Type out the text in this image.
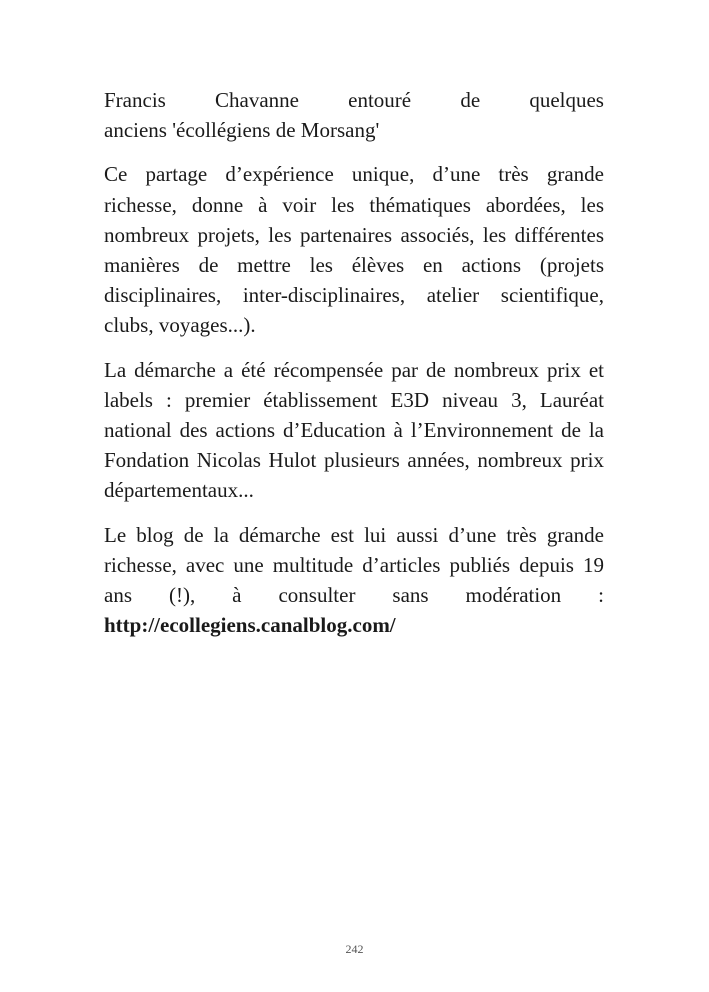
Francis Chavanne entouré de quelques
anciens 'écollégiens de Morsang'

Ce partage d’expérience unique, d’une très grande richesse, donne à voir les thématiques abordées, les nombreux projets, les partenaires associés, les différentes manières de mettre les élèves en actions (projets disciplinaires, inter-disciplinaires, atelier scientifique, clubs, voyages...).

La démarche a été récompensée par de nombreux prix et labels : premier établissement E3D niveau 3, Lauréat national des actions d’Education à l’Environnement de la Fondation Nicolas Hulot plusieurs années, nombreux prix départementaux...

Le blog de la démarche est lui aussi d’une très grande richesse, avec une multitude d’articles publiés depuis 19 ans (!), à consulter sans modération : http://ecollegiens.canalblog.com/

242
